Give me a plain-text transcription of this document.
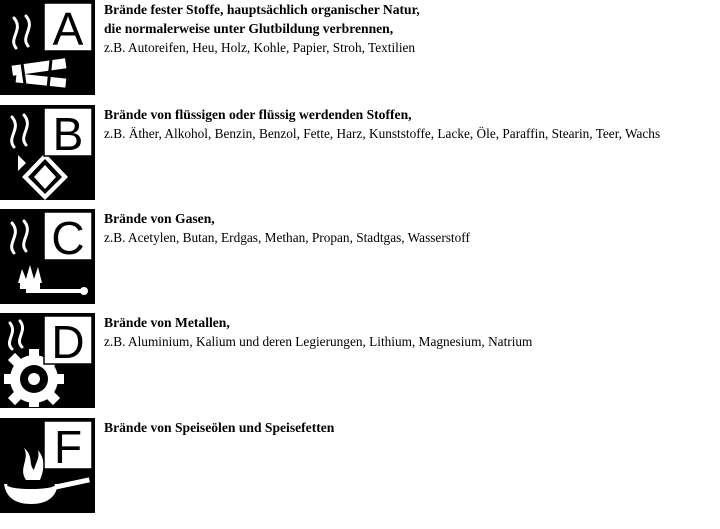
A Brände fester Stoffe, hauptsächlich organischer Natur,

die normalerweise unter Glutbildung verbrennen,

z.B. Autoreifen, Heu, Holz, Kohle, Papier, Stroh, Textilien

B Brände von flüssigen oder flüssig werdenden Stoffen,

z.B. Äther, Alkohol, Benzin, Benzol, Fette, Harz, Kunststoffe, Lacke, Öle, Paraffin, Stearin, Teer, Wachs

C Brände von Gasen,

z.B. Acetylen, Butan, Erdgas, Methan, Propan, Stadtgas, Wasserstoff

D Brände von Metallen,

z.B. Aluminium, Kalium und deren Legierungen, Lithium, Magnesium, Natrium

F Brände von Speiseölen und Speisefetten
